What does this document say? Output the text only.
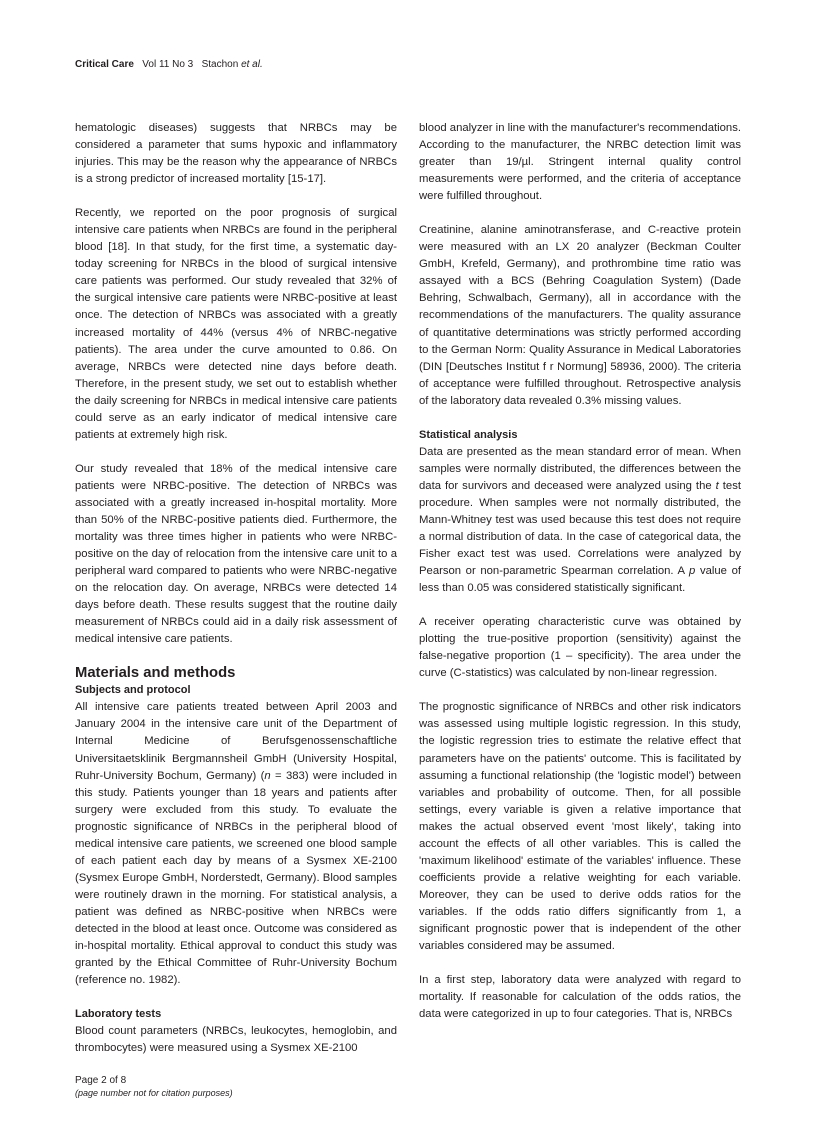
Critical Care Vol 11 No 3 Stachon et al.

hematologic diseases) suggests that NRBCs may be considered a parameter that sums hypoxic and inflammatory injuries. This may be the reason why the appearance of NRBCs is a strong predictor of increased mortality [15-17].

Recently, we reported on the poor prognosis of surgical intensive care patients when NRBCs are found in the peripheral blood [18]. In that study, for the first time, a systematic day-today screening for NRBCs in the blood of surgical intensive care patients was performed. Our study revealed that 32% of the surgical intensive care patients were NRBC-positive at least once. The detection of NRBCs was associated with a greatly increased mortality of 44% (versus 4% of NRBC-negative patients). The area under the curve amounted to 0.86. On average, NRBCs were detected nine days before death. Therefore, in the present study, we set out to establish whether the daily screening for NRBCs in medical intensive care patients could serve as an early indicator of medical intensive care patients at extremely high risk.

Our study revealed that 18% of the medical intensive care patients were NRBC-positive. The detection of NRBCs was associated with a greatly increased in-hospital mortality. More than 50% of the NRBC-positive patients died. Furthermore, the mortality was three times higher in patients who were NRBC-positive on the day of relocation from the intensive care unit to a peripheral ward compared to patients who were NRBC-negative on the relocation day. On average, NRBCs were detected 14 days before death. These results suggest that the routine daily measurement of NRBCs could aid in a daily risk assessment of medical intensive care patients.

Materials and methods
Subjects and protocol

All intensive care patients treated between April 2003 and January 2004 in the intensive care unit of the Department of Internal Medicine of Berufsgenossenschaftliche Universitaetsklinik Bergmannsheil GmbH (University Hospital, Ruhr-University Bochum, Germany) (n = 383) were included in this study. Patients younger than 18 years and patients after surgery were excluded from this study. To evaluate the prognostic significance of NRBCs in the peripheral blood of medical intensive care patients, we screened one blood sample of each patient each day by means of a Sysmex XE-2100 (Sysmex Europe GmbH, Norderstedt, Germany). Blood samples were routinely drawn in the morning. For statistical analysis, a patient was defined as NRBC-positive when NRBCs were detected in the blood at least once. Outcome was considered as in-hospital mortality. Ethical approval to conduct this study was granted by the Ethical Committee of Ruhr-University Bochum (reference no. 1982).

Laboratory tests

Blood count parameters (NRBCs, leukocytes, hemoglobin, and thrombocytes) were measured using a Sysmex XE-2100

blood analyzer in line with the manufacturer's recommendations. According to the manufacturer, the NRBC detection limit was greater than 19/µl. Stringent internal quality control measurements were performed, and the criteria of acceptance were fulfilled throughout.

Creatinine, alanine aminotransferase, and C-reactive protein were measured with an LX 20 analyzer (Beckman Coulter GmbH, Krefeld, Germany), and prothrombine time ratio was assayed with a BCS (Behring Coagulation System) (Dade Behring, Schwalbach, Germany), all in accordance with the recommendations of the manufacturers. The quality assurance of quantitative determinations was strictly performed according to the German Norm: Quality Assurance in Medical Laboratories (DIN [Deutsches Institut f r Normung] 58936, 2000). The criteria of acceptance were fulfilled throughout. Retrospective analysis of the laboratory data revealed 0.3% missing values.

Statistical analysis

Data are presented as the mean standard error of mean. When samples were normally distributed, the differences between the data for survivors and deceased were analyzed using the t test procedure. When samples were not normally distributed, the Mann-Whitney test was used because this test does not require a normal distribution of data. In the case of categorical data, the Fisher exact test was used. Correlations were analyzed by Pearson or non-parametric Spearman correlation. A p value of less than 0.05 was considered statistically significant.

A receiver operating characteristic curve was obtained by plotting the true-positive proportion (sensitivity) against the false-negative proportion (1 – specificity). The area under the curve (C-statistics) was calculated by non-linear regression.

The prognostic significance of NRBCs and other risk indicators was assessed using multiple logistic regression. In this study, the logistic regression tries to estimate the relative effect that parameters have on the patients' outcome. This is facilitated by assuming a functional relationship (the 'logistic model') between variables and probability of outcome. Then, for all possible settings, every variable is given a relative importance that makes the actual observed event 'most likely', taking into account the effects of all other variables. This is called the 'maximum likelihood' estimate of the variables' influence. These coefficients provide a relative weighting for each variable. Moreover, they can be used to derive odds ratios for the variables. If the odds ratio differs significantly from 1, a significant prognostic power that is independent of the other variables considered may be assumed.

In a first step, laboratory data were analyzed with regard to mortality. If reasonable for calculation of the odds ratios, the data were categorized in up to four categories. That is, NRBCs

Page 2 of 8
(page number not for citation purposes)
